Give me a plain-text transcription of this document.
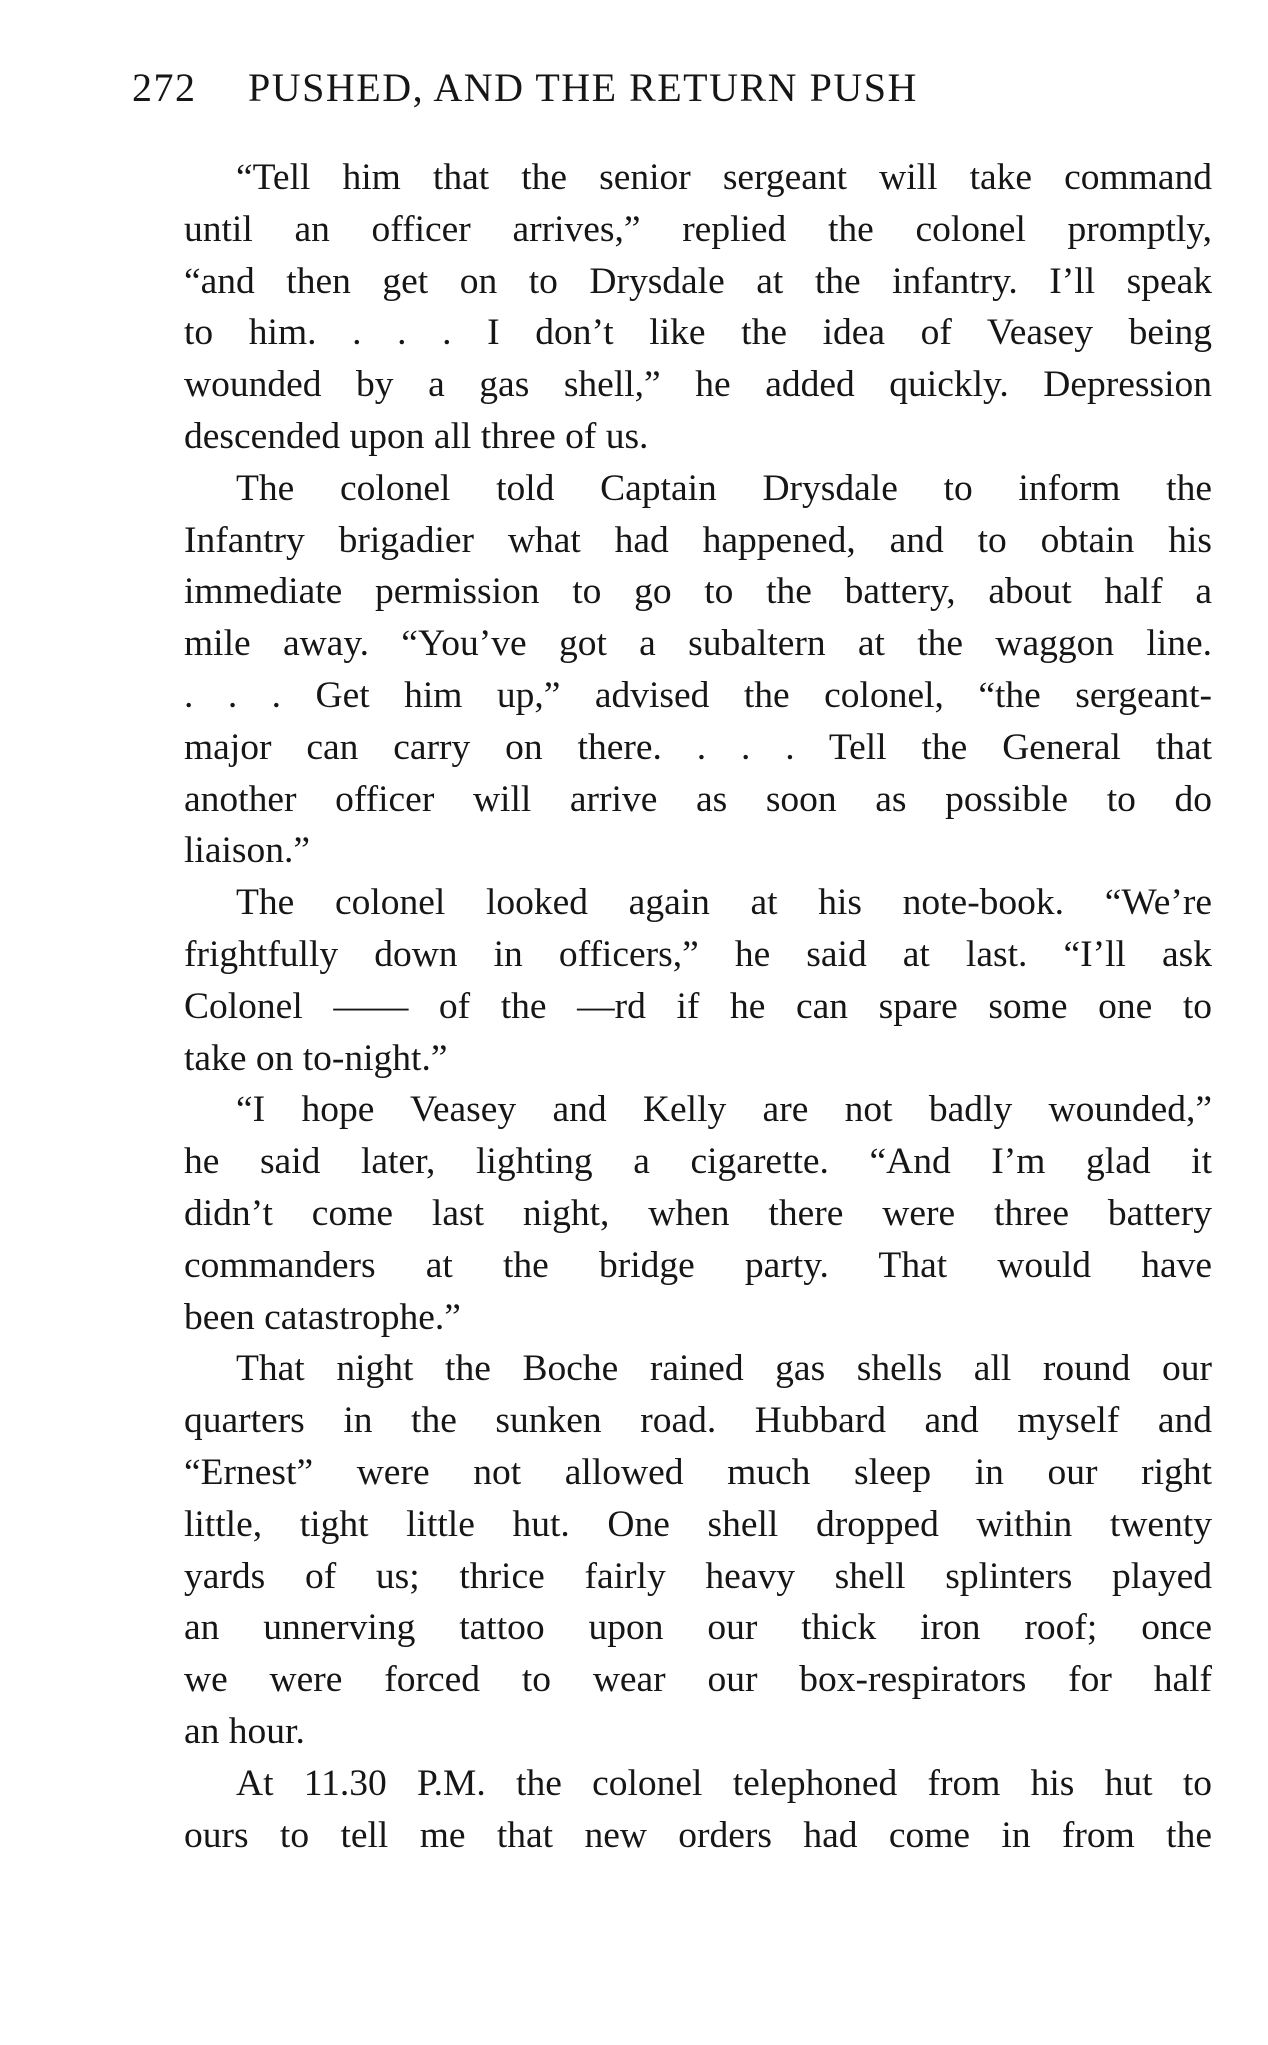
272 PUSHED, AND THE RETURN PUSH
“Tell him that the senior sergeant will take command
until an officer arrives,” replied the colonel promptly,
“and then get on to Drysdale at the infantry. I’ll speak
to him. . . . I don’t like the idea of Veasey being
wounded by a gas shell,” he added quickly. Depression
descended upon all three of us.
The colonel told Captain Drysdale to inform the
Infantry brigadier what had happened, and to obtain his
immediate permission to go to the battery, about half a
mile away. “You’ve got a subaltern at the waggon line.
. . . Get him up,” advised the colonel, “the sergeant-
major can carry on there. . . . Tell the General that
another officer will arrive as soon as possible to do
liaison.”
The colonel looked again at his note-book. “We’re
frightfully down in officers,” he said at last. “I’ll ask
Colonel —— of the —rd if he can spare some one to
take on to-night.”
“I hope Veasey and Kelly are not badly wounded,”
he said later, lighting a cigarette. “And I’m glad it
didn’t come last night, when there were three battery
commanders at the bridge party. That would have
been catastrophe.”
That night the Boche rained gas shells all round our
quarters in the sunken road. Hubbard and myself and
“Ernest” were not allowed much sleep in our right
little, tight little hut. One shell dropped within twenty
yards of us; thrice fairly heavy shell splinters played
an unnerving tattoo upon our thick iron roof; once
we were forced to wear our box-respirators for half
an hour.
At 11.30 P.M. the colonel telephoned from his hut to
ours to tell me that new orders had come in from the
